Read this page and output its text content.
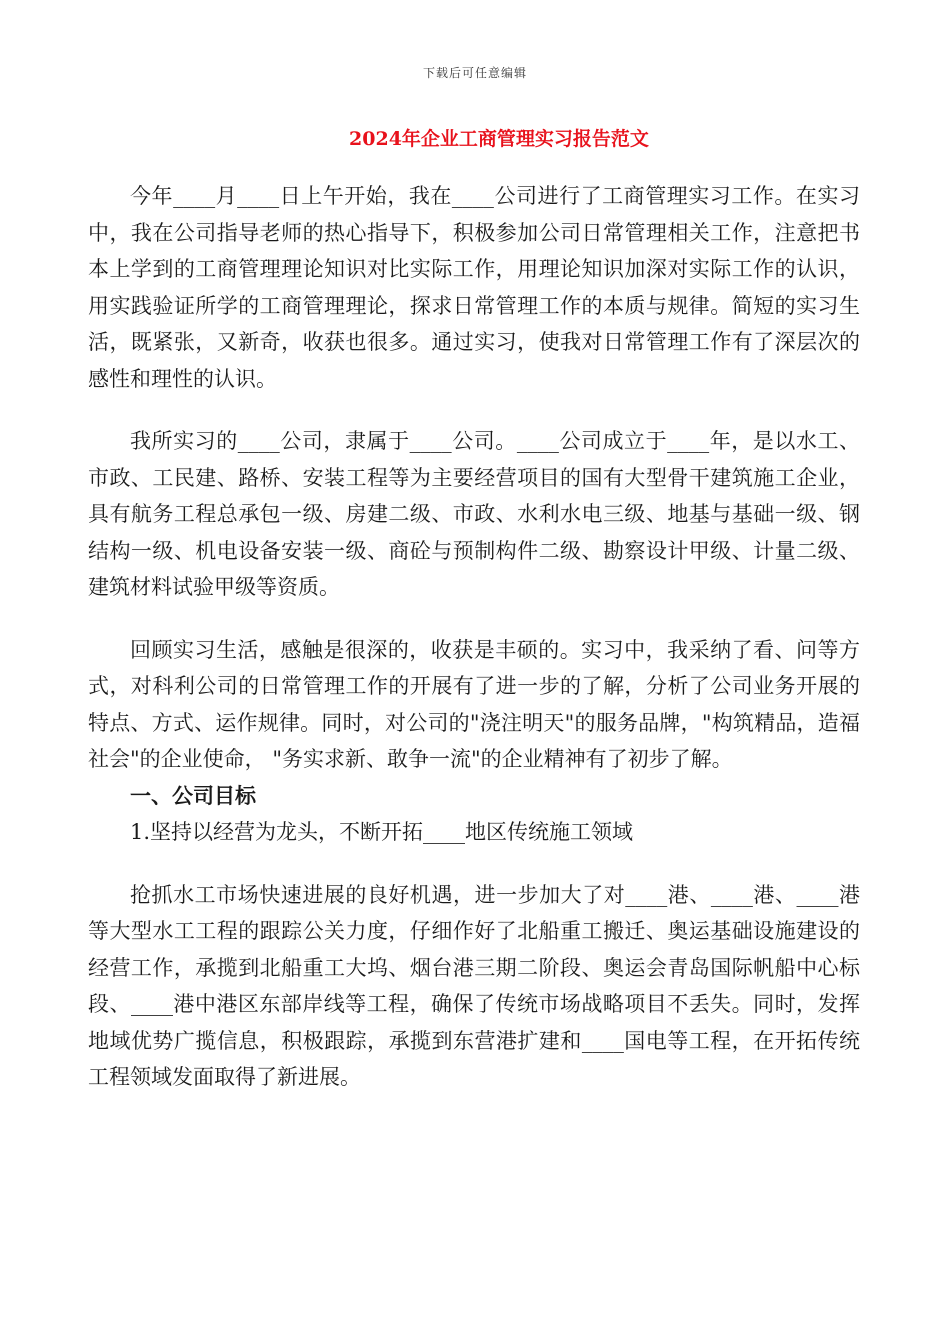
下载后可任意编辑
2024年企业工商管理实习报告范文

今年____月____日上午开始，我在____公司进行了工商管理实习工作。在实习中，我在公司指导老师的热心指导下，积极参加公司日常管理相关工作，注意把书本上学到的工商管理理论知识对比实际工作，用理论知识加深对实际工作的认识，用实践验证所学的工商管理理论，探求日常管理工作的本质与规律。简短的实习生活，既紧张，又新奇，收获也很多。通过实习，使我对日常管理工作有了深层次的感性和理性的认识。

我所实习的____公司，隶属于____公司。____公司成立于____年，是以水工、市政、工民建、路桥、安装工程等为主要经营项目的国有大型骨干建筑施工企业， 具有航务工程总承包一级、房建二级、市政、水利水电三级、地基与基础一级、钢结构一级、机电设备安装一级、商砼与预制构件二级、勘察设计甲级、计量二级、建筑材料试验甲级等资质。

回顾实习生活，感触是很深的，收获是丰硕的。实习中，我采纳了看、问等方式，对科利公司的日常管理工作的开展有了进一步的了解，分析了公司业务开展的特点、方式、运作规律。同时，对公司的"浇注明天"的服务品牌，"构筑精品，造福社会"的企业使命， "务实求新、敢争一流"的企业精神有了初步了解。

一、公司目标

1.坚持以经营为龙头，不断开拓____地区传统施工领域

抢抓水工市场快速进展的良好机遇，进一步加大了对____港、____港、____港等大型水工工程的跟踪公关力度，仔细作好了北船重工搬迁、奥运基础设施建设的经营工作，承揽到北船重工大坞、烟台港三期二阶段、奥运会青岛国际帆船中心标段、____港中港区东部岸线等工程，确保了传统市场战略项目不丢失。同时，发挥地域优势广揽信息，积极跟踪，承揽到东营港扩建和____国电等工程，在开拓传统工程领域发面取得了新进展。
